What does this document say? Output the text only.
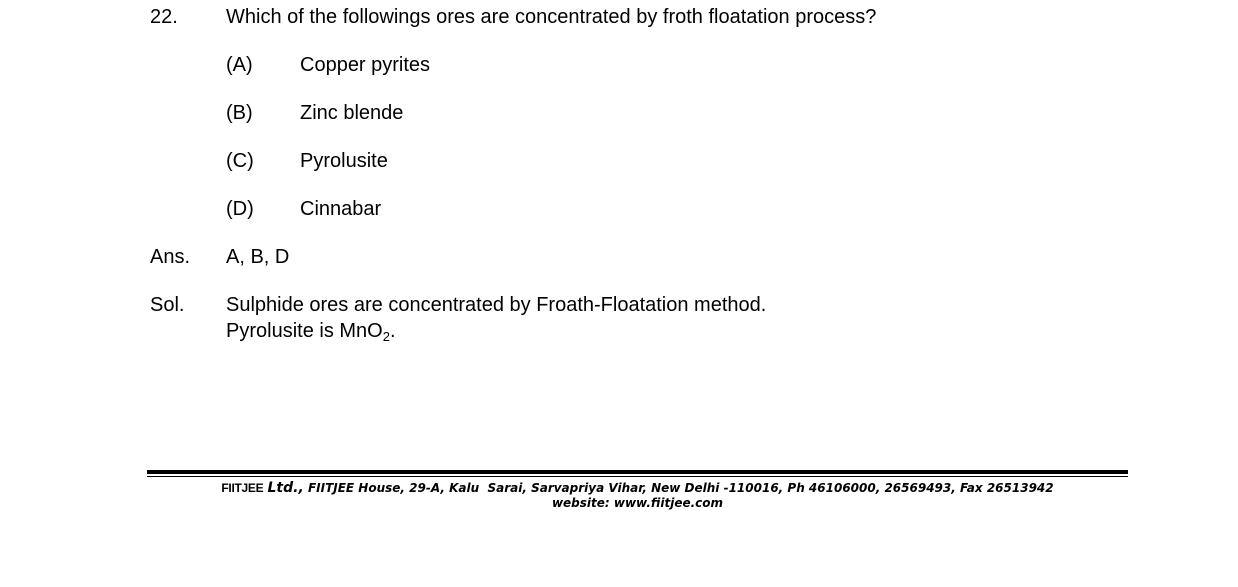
22. Which of the followings ores are concentrated by froth floatation process?
(A) Copper pyrites
(B) Zinc blende
(C) Pyrolusite
(D) Cinnabar
Ans. A, B, D
Sol. Sulphide ores are concentrated by Froath-Floatation method.
Pyrolusite is MnO$_2$.
FIITJEE Ltd., FIITJEE House, 29-A, Kalu  Sarai, Sarvapriya Vihar, New Delhi -110016, Ph 46106000, 26569493, Fax 26513942
website: www.fiitjee.com
